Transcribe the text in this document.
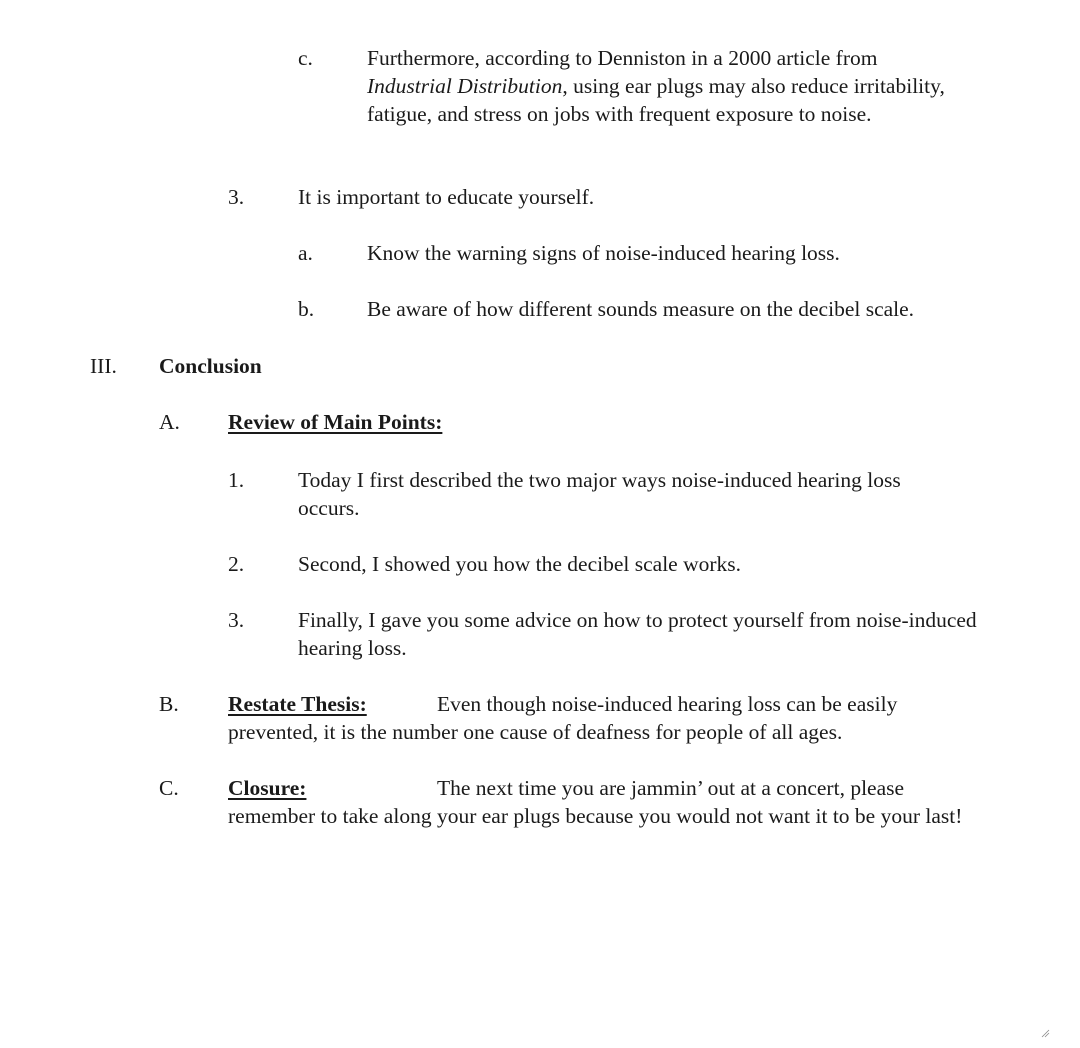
c.	Furthermore, according to Denniston in a 2000 article from Industrial Distribution, using ear plugs may also reduce irritability, fatigue, and stress on jobs with frequent exposure to noise.
3.	It is important to educate yourself.
a.	Know the warning signs of noise-induced hearing loss.
b. Be aware of how different sounds measure on the decibel scale.
III. Conclusion
A. Review of Main Points:
1.	Today I first described the two major ways noise-induced hearing loss occurs.
2.	Second, I showed you how the decibel scale works.
3.	Finally, I gave you some advice on how to protect yourself from noise-induced hearing loss.
B. Restate Thesis:	Even though noise-induced hearing loss can be easily prevented, it is the number one cause of deafness for people of all ages.
C. Closure:	The next time you are jammin’ out at a concert, please remember to take along your ear plugs because you would not want it to be your last!
